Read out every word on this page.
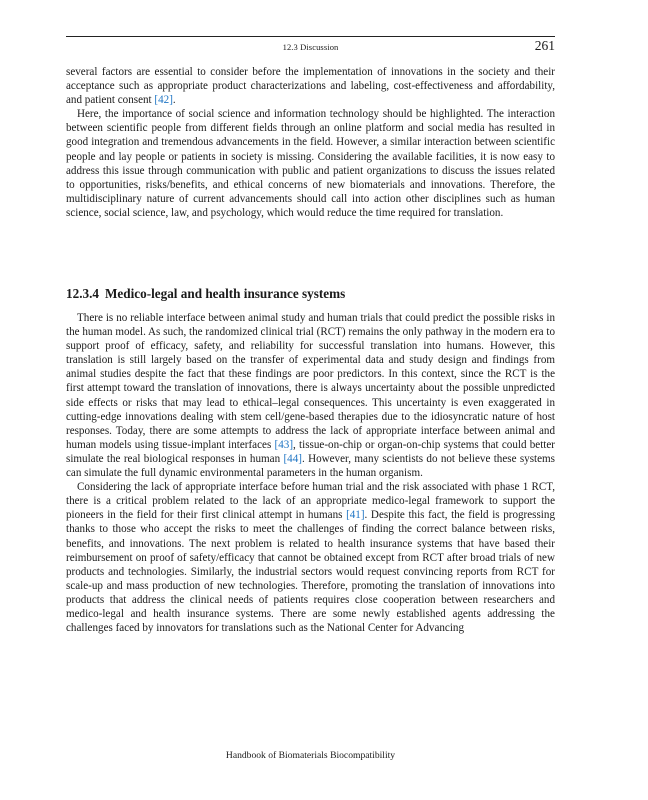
12.3 Discussion	261

several factors are essential to consider before the implementation of innovations in the society and their acceptance such as appropriate product characterizations and labeling, cost-effectiveness and affordability, and patient consent [42].

Here, the importance of social science and information technology should be highlighted. The interaction between scientific people from different fields through an online platform and social media has resulted in good integration and tremendous advancements in the field. However, a similar interaction between scientific people and lay people or patients in society is missing. Considering the available facilities, it is now easy to address this issue through communication with public and patient organizations to discuss the issues related to opportunities, risks/benefits, and ethical concerns of new biomaterials and innovations. Therefore, the multidisciplinary nature of current advancements should call into action other disciplines such as human science, social science, law, and psychology, which would reduce the time required for translation.

12.3.4 Medico-legal and health insurance systems

There is no reliable interface between animal study and human trials that could predict the possible risks in the human model. As such, the randomized clinical trial (RCT) remains the only pathway in the modern era to support proof of efficacy, safety, and reliability for successful translation into humans. However, this translation is still largely based on the transfer of experimental data and study design and findings from animal studies despite the fact that these findings are poor predictors. In this context, since the RCT is the first attempt toward the translation of innovations, there is always uncertainty about the possible unpredicted side effects or risks that may lead to ethical–legal consequences. This uncertainty is even exaggerated in cutting-edge innovations dealing with stem cell/gene-based therapies due to the idiosyncratic nature of host responses. Today, there are some attempts to address the lack of appropriate interface between animal and human models using tissue-implant interfaces [43], tissue-on-chip or organ-on-chip systems that could better simulate the real biological responses in human [44]. However, many scientists do not believe these systems can simulate the full dynamic environmental parameters in the human organism.

Considering the lack of appropriate interface before human trial and the risk associated with phase 1 RCT, there is a critical problem related to the lack of an appropriate medico-legal framework to support the pioneers in the field for their first clinical attempt in humans [41]. Despite this fact, the field is progressing thanks to those who accept the risks to meet the challenges of finding the correct balance between risks, benefits, and innovations. The next problem is related to health insurance systems that have based their reimbursement on proof of safety/efficacy that cannot be obtained except from RCT after broad trials of new products and technologies. Similarly, the industrial sectors would request convincing reports from RCT for scale-up and mass production of new technologies. Therefore, promoting the translation of innovations into products that address the clinical needs of patients requires close cooperation between researchers and medico-legal and health insurance systems. There are some newly established agents addressing the challenges faced by innovators for translations such as the National Center for Advancing

Handbook of Biomaterials Biocompatibility
